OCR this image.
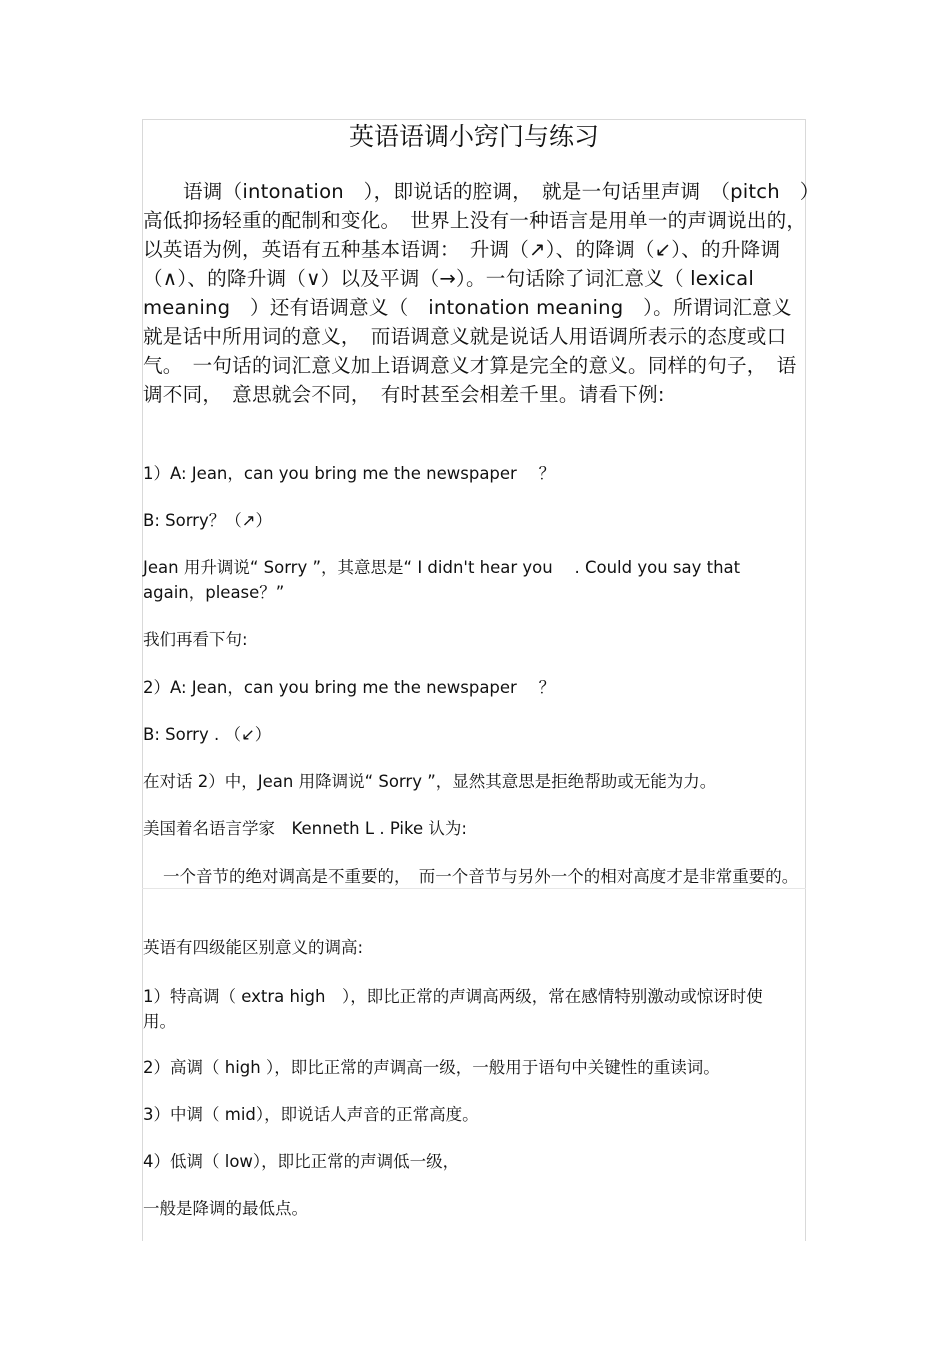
英语语调小窍门与练习

语调（intonation　），即说话的腔调，　就是一句话里声调　（pitch　）高低抑扬轻重的配制和变化。　世界上没有一种语言是用单一的声调说出的，以英语为例，英语有五种基本语调：　升调（↗）、的降调（↙）、的升降调（∧）、的降升调（∨）以及平调（→）。一句话除了词汇意义（ lexical meaning　）还有语调意义（　intonation meaning　）。所谓词汇意义就是话中所用词的意义，　而语调意义就是说话人用语调所表示的态度或口气。　一句话的词汇意义加上语调意义才算是完全的意义。同样的句子，　语调不同，　意思就会不同，　有时甚至会相差千里。请看下例:

1）A: Jean，can you bring me the newspaper　 ？

B: Sorry？（↗）

Jean 用升调说“ Sorry ”，其意思是“ I didn't hear you　 . Could you say that again，please？”

我们再看下句:

2）A: Jean，can you bring me the newspaper　 ？

B: Sorry . （↙）

在对话 2）中，Jean 用降调说“ Sorry ”，显然其意思是拒绝帮助或无能为力。

美国着名语言学家　Kenneth L . Pike 认为:

一个音节的绝对调高是不重要的，　而一个音节与另外一个的相对高度才是非常重要的。

英语有四级能区别意义的调高:

1）特高调（ extra high　），即比正常的声调高两级，常在感情特别激动或惊讶时使用。

2）高调（ high ），即比正常的声调高一级，一般用于语句中关键性的重读词。

3）中调（ mid），即说话人声音的正常高度。

4）低调（ low），即比正常的声调低一级，

一般是降调的最低点。
